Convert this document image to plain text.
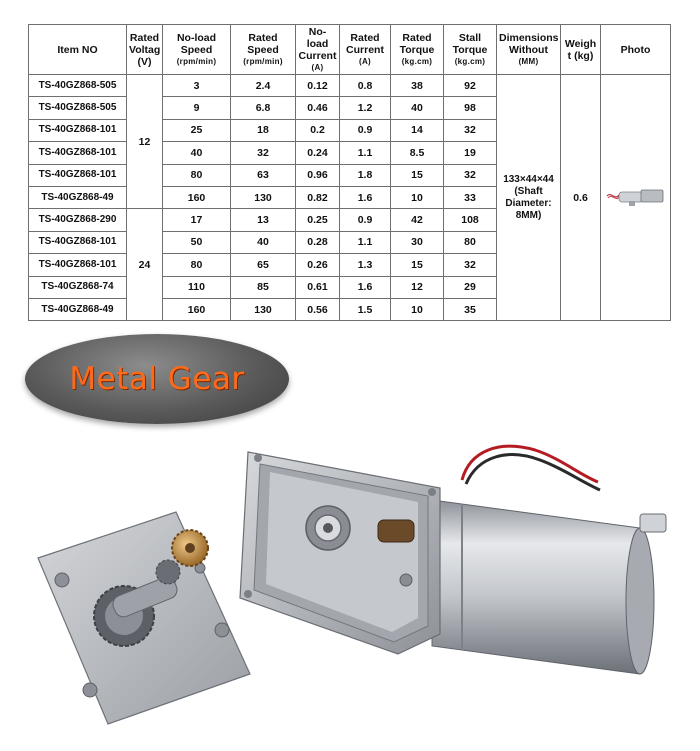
Item NO	Rated
Voltag
(V)	No-load
Speed
(rpm/min)	Rated
Speed
(rpm/min)	No-load
Current
(A)	Rated
Current
(A)	Rated
Torque
(kg.cm)	Stall
Torque
(kg.cm)	Dimensions
Without
(MM)	Weigh
t (kg)	Photo
TS-40GZ868-505	12	3	2.4	0.12	0.8	38	92	133×44×44
(Shaft
Diameter:
8MM)	0.6	
TS-40GZ868-505		9	6.8	0.46	1.2	40	98			
TS-40GZ868-101		25	18	0.2	0.9	14	32			
TS-40GZ868-101		40	32	0.24	1.1	8.5	19			
TS-40GZ868-101		80	63	0.96	1.8	15	32			
TS-40GZ868-49		160	130	0.82	1.6	10	33			
TS-40GZ868-290	24	17	13	0.25	0.9	42	108			
TS-40GZ868-101		50	40	0.28	1.1	30	80			
TS-40GZ868-101		80	65	0.26	1.3	15	32			
TS-40GZ868-74		110	85	0.61	1.6	12	29			
TS-40GZ868-49		160	130	0.56	1.5	10	35			
Metal Gear
